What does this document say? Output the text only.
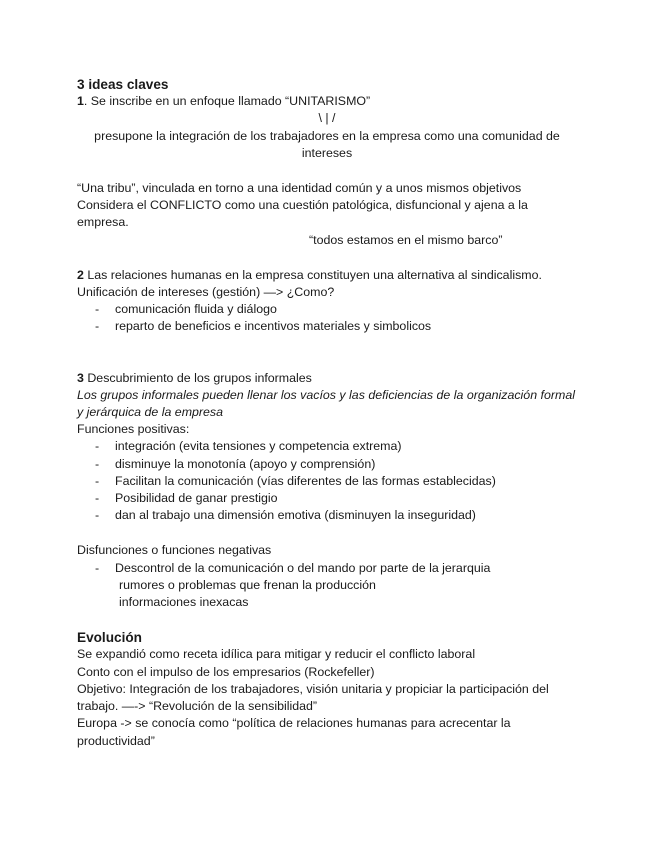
3 ideas claves
1. Se inscribe en un enfoque llamado “UNITARISMO”
\ | /
presupone la integración de los trabajadores en la empresa como una comunidad de intereses
“Una tribu”, vinculada en torno a una identidad común y a unos mismos objetivos
Considera el CONFLICTO como una cuestión patológica, disfuncional y ajena a la empresa.
“todos estamos en el mismo barco”
2 Las relaciones humanas en la empresa constituyen una alternativa al sindicalismo.
Unificación de intereses (gestión) —> ¿Como?
- comunicación fluida y diálogo
- reparto de beneficios e incentivos materiales y simbolicos
3 Descubrimiento de los grupos informales
Los grupos informales pueden llenar los vacíos y las deficiencias de la organización formal y jerárquica de la empresa
Funciones positivas:
- integración (evita tensiones y competencia extrema)
- disminuye la monotonía (apoyo y comprensión)
- Facilitan la comunicación (vías diferentes de las formas establecidas)
- Posibilidad de ganar prestigio
- dan al trabajo una dimensión emotiva (disminuyen la inseguridad)
Disfunciones o funciones negativas
- Descontrol de la comunicación o del mando por parte de la jerarquia
rumores o problemas que frenan la producción
informaciones inexacas
Evolución
Se expandió como receta idílica para mitigar y reducir el conflicto laboral
Conto con el impulso de los empresarios (Rockefeller)
Objetivo: Integración de los trabajadores, visión unitaria y propiciar la participación del trabajo. —-> “Revolución de la sensibilidad”
Europa -> se conocía como “política de relaciones humanas para acrecentar la productividad”
